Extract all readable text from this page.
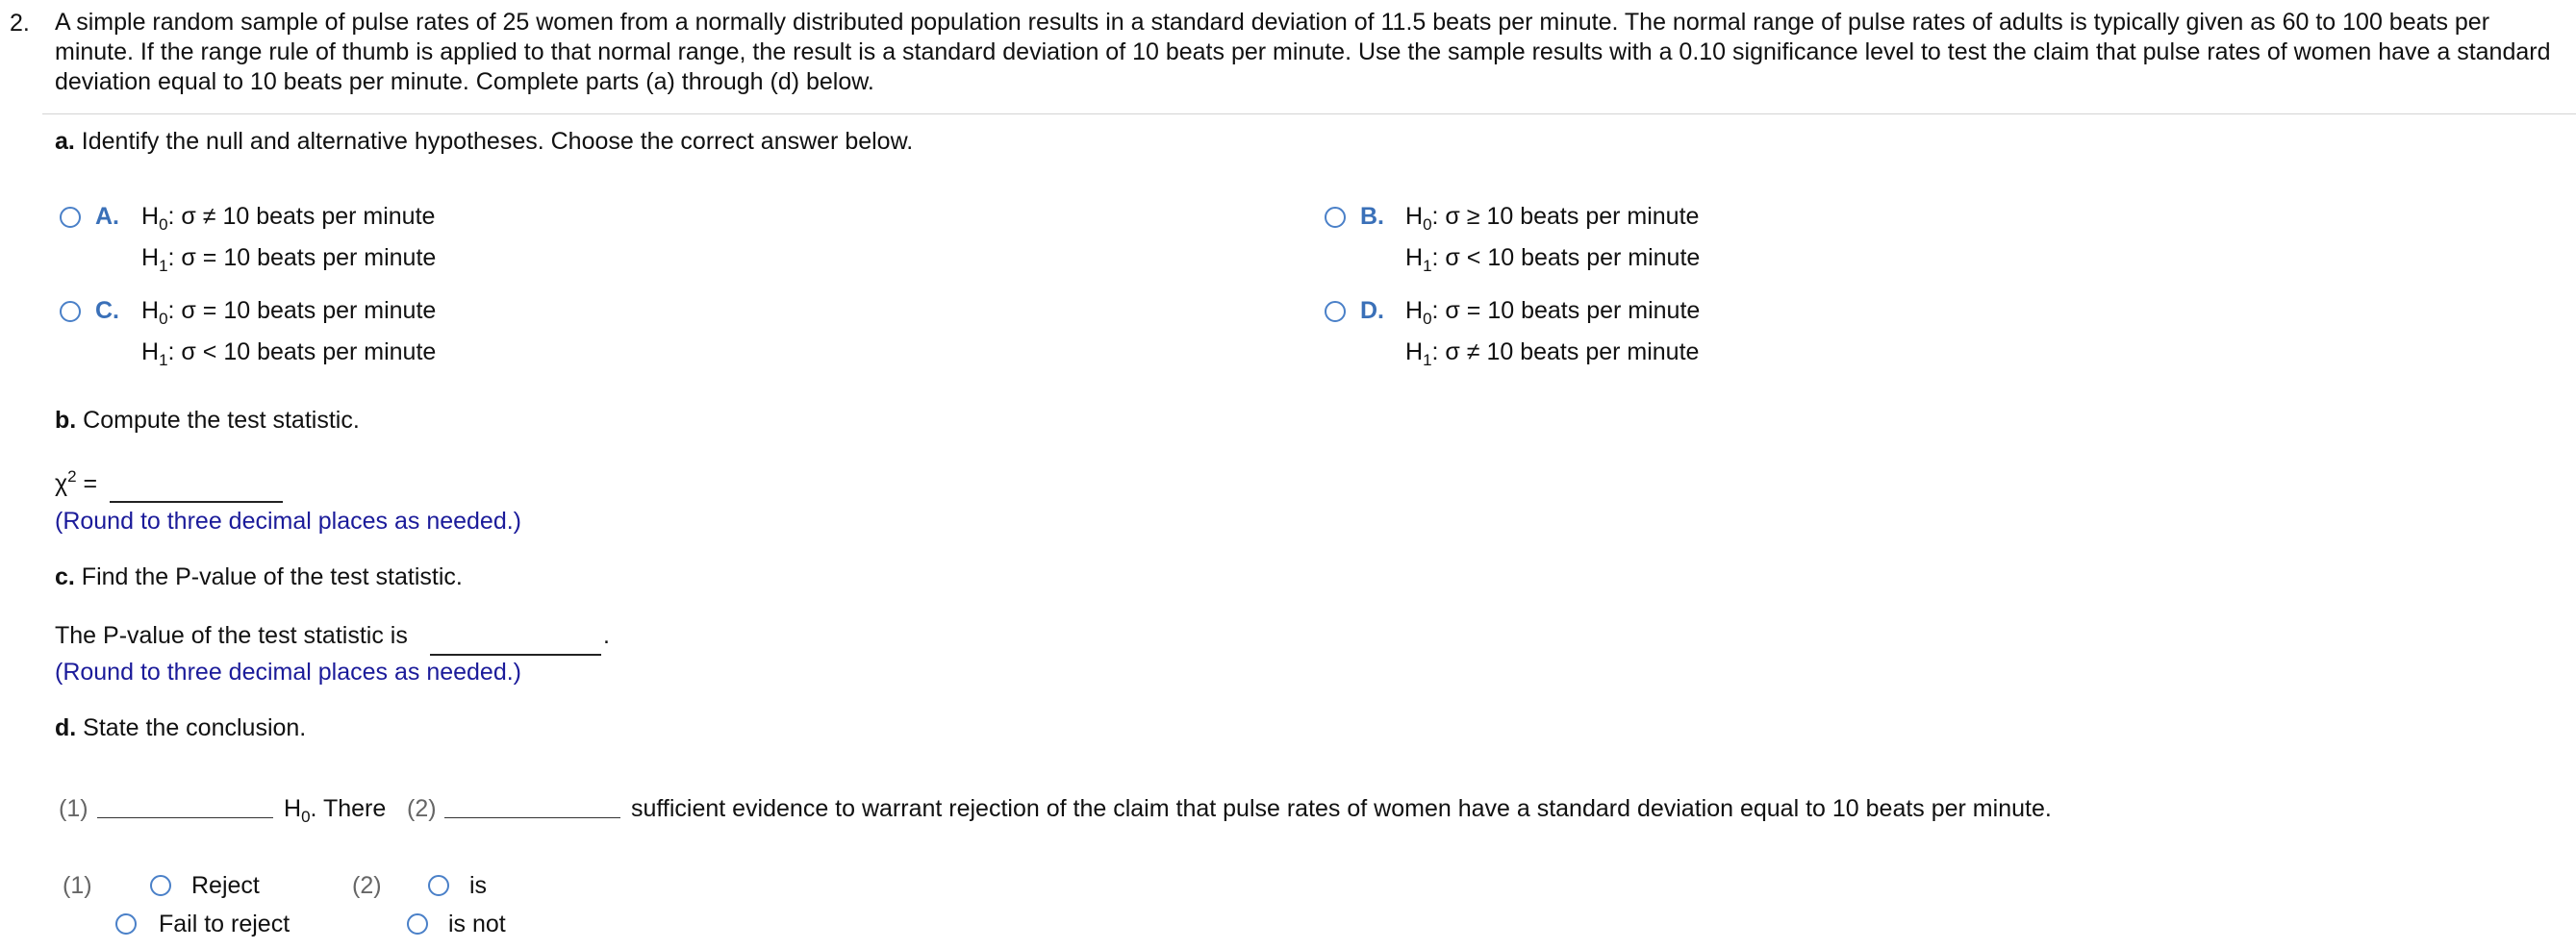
2. A simple random sample of pulse rates of 25 women from a normally distributed population results in a standard deviation of 11.5 beats per minute. The normal range of pulse rates of adults is typically given as 60 to 100 beats per minute. If the range rule of thumb is applied to that normal range, the result is a standard deviation of 10 beats per minute. Use the sample results with a 0.10 significance level to test the claim that pulse rates of women have a standard deviation equal to 10 beats per minute. Complete parts (a) through (d) below.
a. Identify the null and alternative hypotheses. Choose the correct answer below.
A. $H_0$: σ ≠ 10 beats per minute
$H_1$: σ = 10 beats per minute
B. $H_0$: σ ≥ 10 beats per minute
$H_1$: σ < 10 beats per minute
C. $H_0$: σ = 10 beats per minute
$H_1$: σ < 10 beats per minute
D. $H_0$: σ = 10 beats per minute
$H_1$: σ ≠ 10 beats per minute
b. Compute the test statistic.
$\chi^2$ =
(Round to three decimal places as needed.)
c. Find the P-value of the test statistic.
The P-value of the test statistic is	.
(Round to three decimal places as needed.)
d. State the conclusion.
(1)	$H_0$. There (2)	sufficient evidence to warrant rejection of the claim that pulse rates of women have a standard deviation equal to 10 beats per minute.
(1)	Reject
Fail to reject
(2)	is
is not
